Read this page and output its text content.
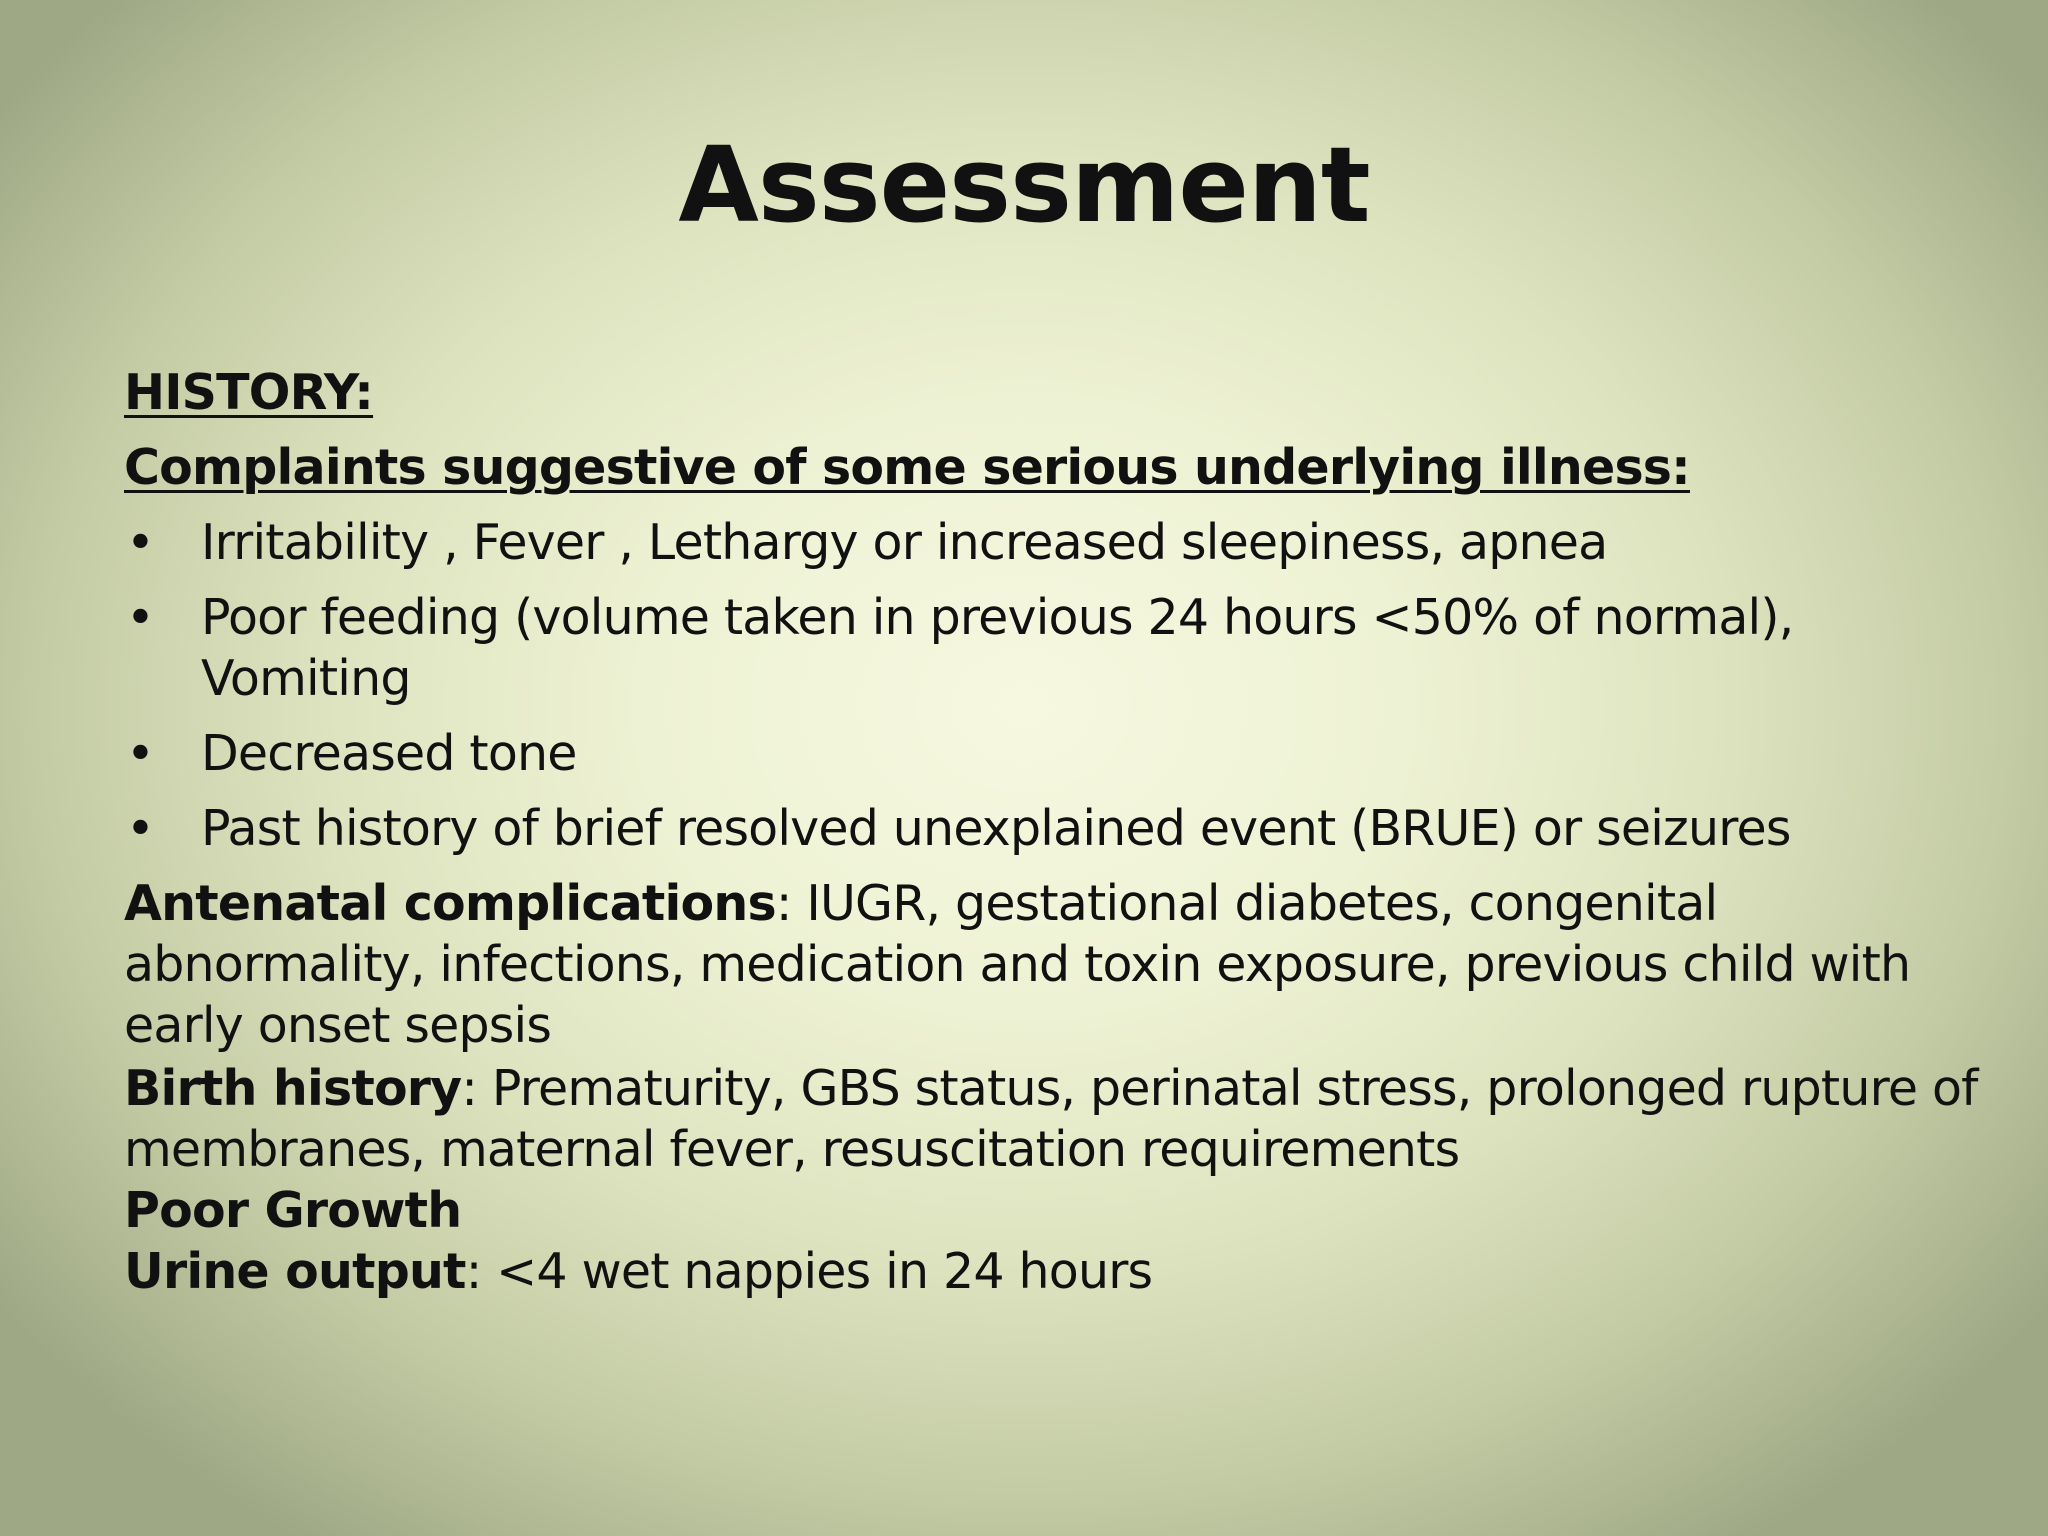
Assessment
HISTORY:
Complaints suggestive of some serious underlying illness:
• Irritability , Fever , Lethargy or increased sleepiness, apnea
• Poor feeding (volume taken in previous 24 hours <50% of normal), Vomiting
• Decreased tone
• Past history of brief resolved unexplained event (BRUE) or seizures

Antenatal complications: IUGR, gestational diabetes, congenital abnormality, infections, medication and toxin exposure, previous child with early onset sepsis

Birth history: Prematurity, GBS status, perinatal stress, prolonged rupture of membranes, maternal fever, resuscitation requirements

Poor Growth

Urine output: <4 wet nappies in 24 hours
